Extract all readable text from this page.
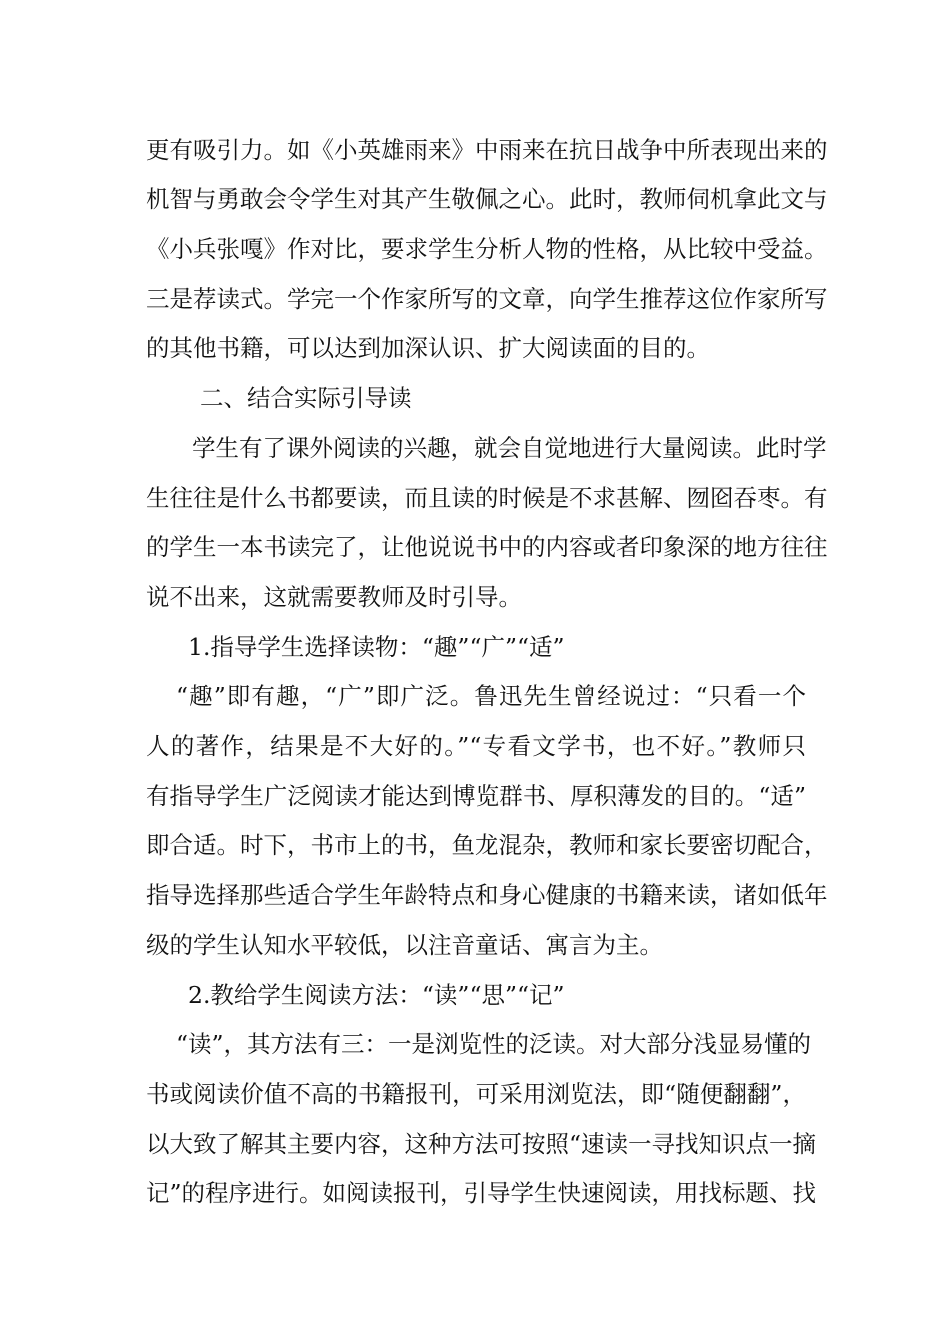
更有吸引力。如《小英雄雨来》中雨来在抗日战争中所表现出来的
机智与勇敢会令学生对其产生敬佩之心。此时，教师伺机拿此文与
《小兵张嘎》作对比，要求学生分析人物的性格，从比较中受益。
三是荐读式。学完一个作家所写的文章，向学生推荐这位作家所写
的其他书籍，可以达到加深认识、扩大阅读面的目的。
二、结合实际引导读
学生有了课外阅读的兴趣，就会自觉地进行大量阅读。此时学
生往往是什么书都要读，而且读的时候是不求甚解、囫囵吞枣。有
的学生一本书读完了，让他说说书中的内容或者印象深的地方往往
说不出来，这就需要教师及时引导。
1.指导学生选择读物：“趣”“广”“适”
“趣”即有趣，“广”即广泛。鲁迅先生曾经说过：“只看一个
人的著作，结果是不大好的。”“专看文学书，也不好。”教师只
有指导学生广泛阅读才能达到博览群书、厚积薄发的目的。“适”
即合适。时下，书市上的书，鱼龙混杂，教师和家长要密切配合，
指导选择那些适合学生年龄特点和身心健康的书籍来读，诸如低年
级的学生认知水平较低，以注音童话、寓言为主。
2.教给学生阅读方法：“读”“思”“记”
“读”，其方法有三：一是浏览性的泛读。对大部分浅显易懂的
书或阅读价值不高的书籍报刊，可采用浏览法，即“随便翻翻”，
以大致了解其主要内容，这种方法可按照“速读一寻找知识点一摘
记”的程序进行。如阅读报刊，引导学生快速阅读，用找标题、找
